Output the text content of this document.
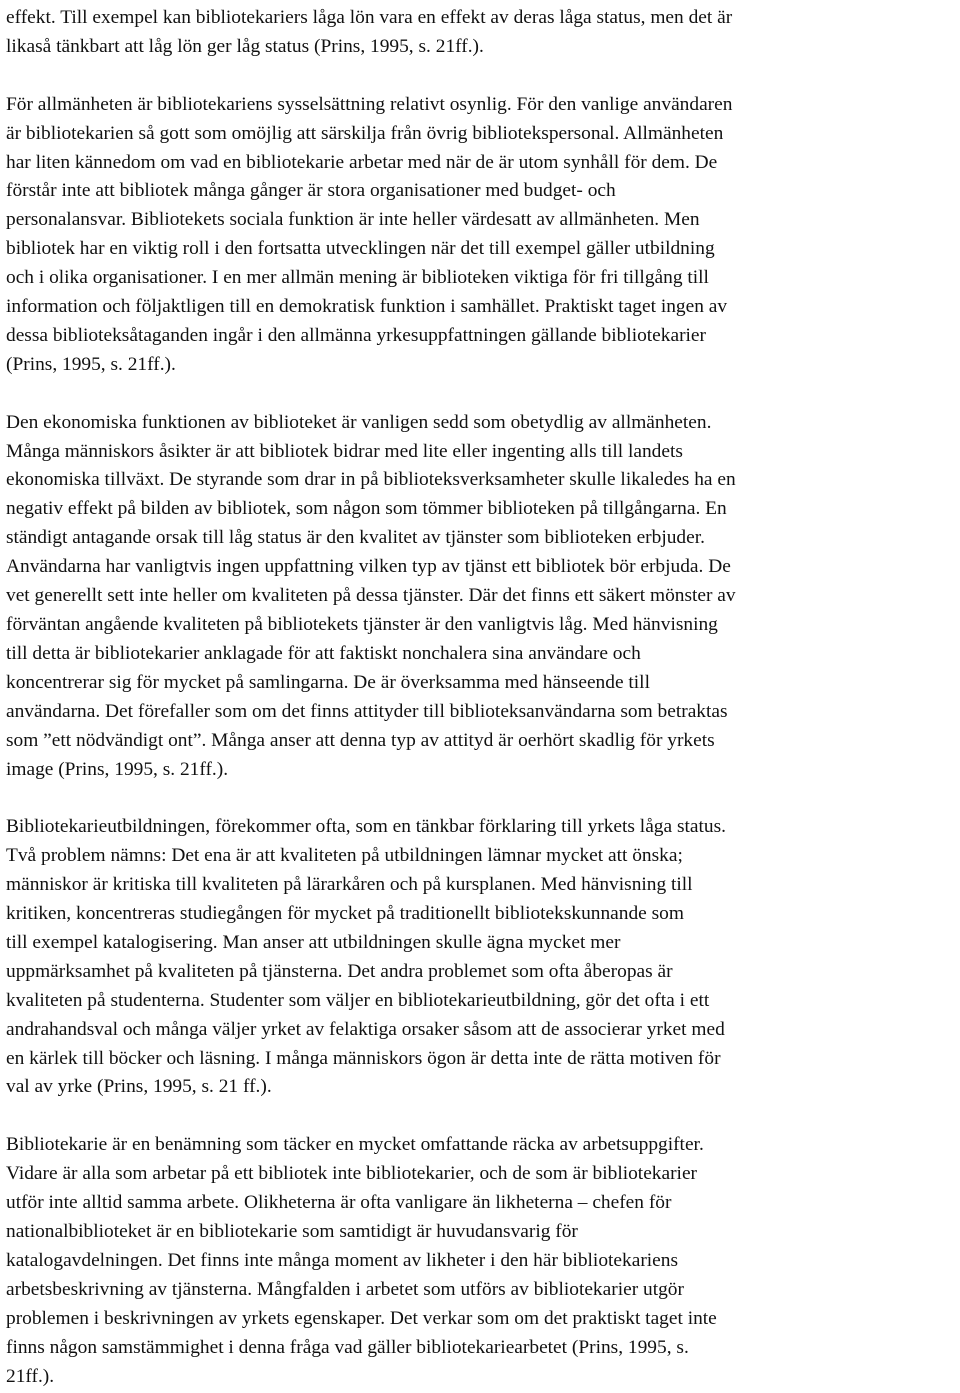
effekt. Till exempel kan bibliotekariers låga lön vara en effekt av deras låga status, men det är
likaså tänkbart att låg lön ger låg status (Prins, 1995, s. 21ff.).

För allmänheten är bibliotekariens sysselsättning relativt osynlig. För den vanlige användaren
är bibliotekarien så gott som omöjlig att särskilja från övrig bibliotekspersonal. Allmänheten
har liten kännedom om vad en bibliotekarie arbetar med när de är utom synhåll för dem. De
förstår inte att bibliotek många gånger är stora organisationer med budget- och
personalansvar. Bibliotekets sociala funktion är inte heller värdesatt av allmänheten. Men
bibliotek har en viktig roll i den fortsatta utvecklingen när det till exempel gäller utbildning
och i olika organisationer. I en mer allmän mening är biblioteken viktiga för fri tillgång till
information och följaktligen till en demokratisk funktion i samhället. Praktiskt taget ingen av
dessa biblioteksåtaganden ingår i den allmänna yrkesuppfattningen gällande bibliotekarier
(Prins, 1995, s. 21ff.).

Den ekonomiska funktionen av biblioteket är vanligen sedd som obetydlig av allmänheten.
Många människors åsikter är att bibliotek bidrar med lite eller ingenting alls till landets
ekonomiska tillväxt. De styrande som drar in på biblioteksverksamheter skulle likaledes ha en
negativ effekt på bilden av bibliotek, som någon som tömmer biblioteken på tillgångarna. En
ständigt antagande orsak till låg status är den kvalitet av tjänster som biblioteken erbjuder.
Användarna har vanligtvis ingen uppfattning vilken typ av tjänst ett bibliotek bör erbjuda. De
vet generellt sett inte heller om kvaliteten på dessa tjänster. Där det finns ett säkert mönster av
förväntan angående kvaliteten på bibliotekets tjänster är den vanligtvis låg. Med hänvisning
till detta är bibliotekarier anklagade för att faktiskt nonchalera sina användare och
koncentrerar sig för mycket på samlingarna. De är överksamma med hänseende till
användarna. Det förefaller som om det finns attityder till biblioteksanvändarna som betraktas
som ”ett nödvändigt ont”. Många anser att denna typ av attityd är oerhört skadlig för yrkets
image (Prins, 1995, s. 21ff.).

Bibliotekarieutbildningen, förekommer ofta, som en tänkbar förklaring till yrkets låga status.
Två problem nämns: Det ena är att kvaliteten på utbildningen lämnar mycket att önska;
människor är kritiska till kvaliteten på lärarkåren och på kursplanen. Med hänvisning till
kritiken, koncentreras studiegången för mycket på traditionellt bibliotekskunnande som
till exempel katalogisering. Man anser att utbildningen skulle ägna mycket mer
uppmärksamhet på kvaliteten på tjänsterna. Det andra problemet som ofta åberopas är
kvaliteten på studenterna. Studenter som väljer en bibliotekarieutbildning, gör det ofta i ett
andrahandsval och många väljer yrket av felaktiga orsaker såsom att de associerar yrket med
en kärlek till böcker och läsning. I många människors ögon är detta inte de rätta motiven för
val av yrke (Prins, 1995, s. 21 ff.).

Bibliotekarie är en benämning som täcker en mycket omfattande räcka av arbetsuppgifter.
Vidare är alla som arbetar på ett bibliotek inte bibliotekarier, och de som är bibliotekarier
utför inte alltid samma arbete. Olikheterna är ofta vanligare än likheterna – chefen för
nationalbiblioteket är en bibliotekarie som samtidigt är huvudansvarig för
katalogavdelningen. Det finns inte många moment av likheter i den här bibliotekariens
arbetsbeskrivning av tjänsterna. Mångfalden i arbetet som utförs av bibliotekarier utgör
problemen i beskrivningen av yrkets egenskaper. Det verkar som om det praktiskt taget inte
finns någon samstämmighet i denna fråga vad gäller bibliotekariearbetet (Prins, 1995, s.
21ff.).
